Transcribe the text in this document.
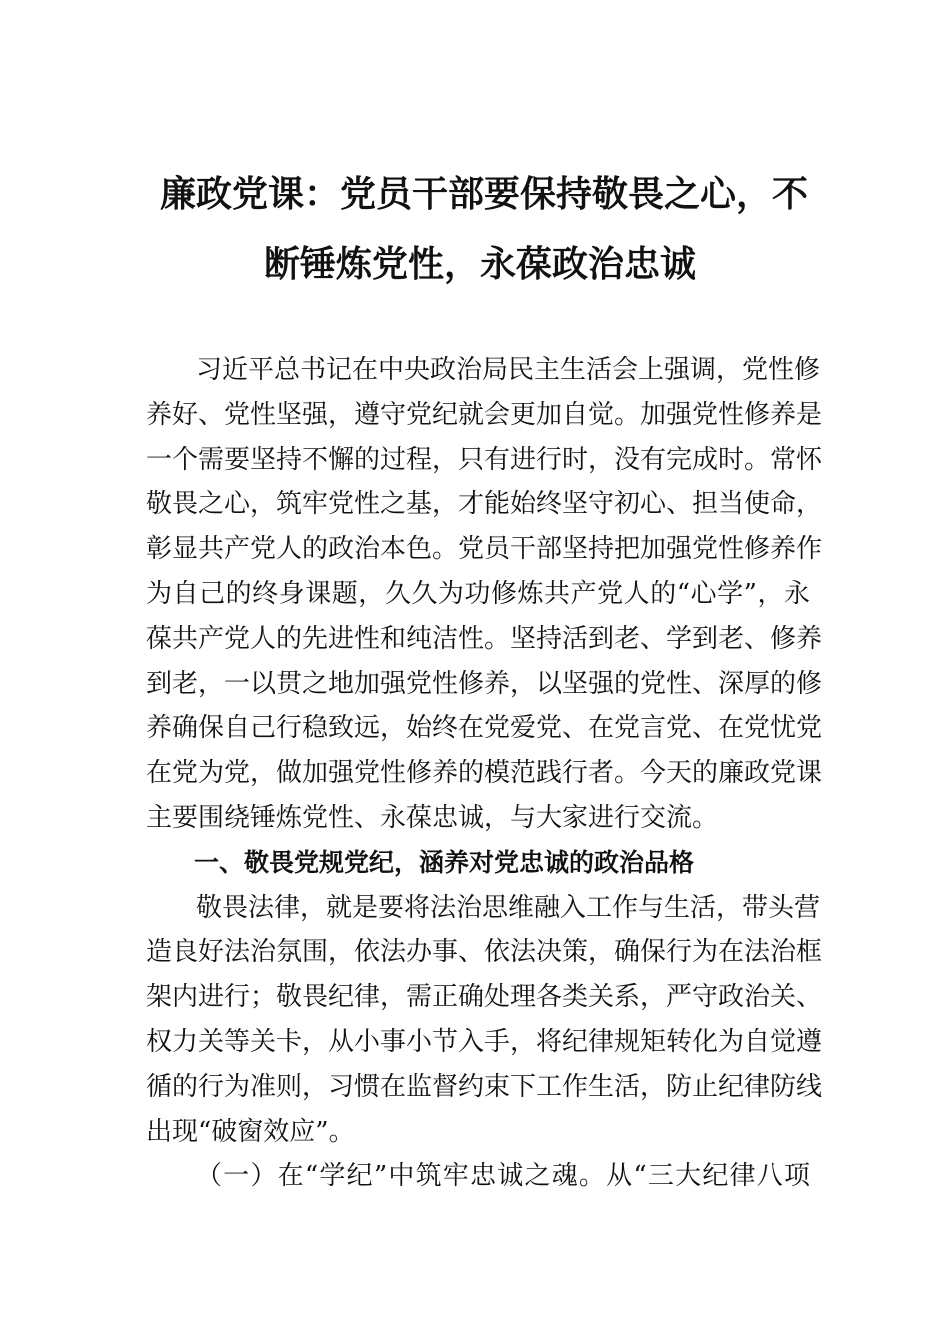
廉政党课：党员干部要保持敬畏之心，不
断锤炼党性，永葆政治忠诚
习近平总书记在中央政治局民主生活会上强调，党性修
养好、党性坚强，遵守党纪就会更加自觉。加强党性修养是
一个需要坚持不懈的过程，只有进行时，没有完成时。常怀
敬畏之心，筑牢党性之基，才能始终坚守初心、担当使命，
彰显共产党人的政治本色。党员干部坚持把加强党性修养作
为自己的终身课题，久久为功修炼共产党人的“心学”，永
葆共产党人的先进性和纯洁性。坚持活到老、学到老、修养
到老，一以贯之地加强党性修养，以坚强的党性、深厚的修
养确保自己行稳致远，始终在党爱党、在党言党、在党忧党
在党为党，做加强党性修养的模范践行者。今天的廉政党课
主要围绕锤炼党性、永葆忠诚，与大家进行交流。
一、敬畏党规党纪，涵养对党忠诚的政治品格
敬畏法律，就是要将法治思维融入工作与生活，带头营
造良好法治氛围，依法办事、依法决策，确保行为在法治框
架内进行；敬畏纪律，需正确处理各类关系，严守政治关、
权力关等关卡，从小事小节入手，将纪律规矩转化为自觉遵
循的行为准则，习惯在监督约束下工作生活，防止纪律防线
出现“破窗效应”。
（一）在“学纪”中筑牢忠诚之魂。从“三大纪律八项
